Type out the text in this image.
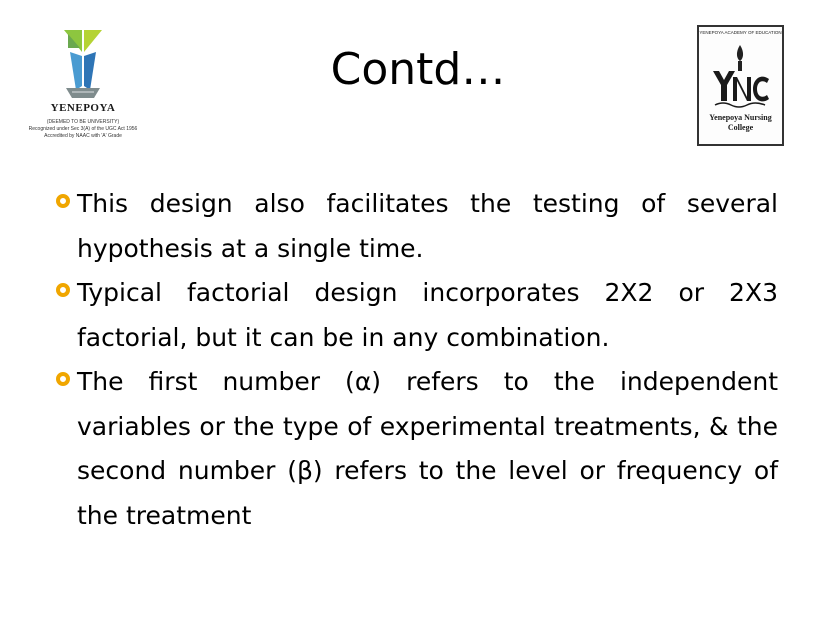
YENEPOYA
(DEEMED TO BE UNIVERSITY)
Recognized under Sec 3(A) of the UGC Act 1956
Accredited by NAAC with 'A' Grade
Contd…
YENEPOYA ACADEMY OF EDUCATION
Yenepoya Nursing College
This design also facilitates the testing of several hypothesis at a single time.
Typical factorial design incorporates 2X2 or 2X3 factorial, but it can be in any combination.
The first number (α) refers to the independent variables or the type of experimental treatments, & the second number (β) refers to the level or frequency of the treatment
